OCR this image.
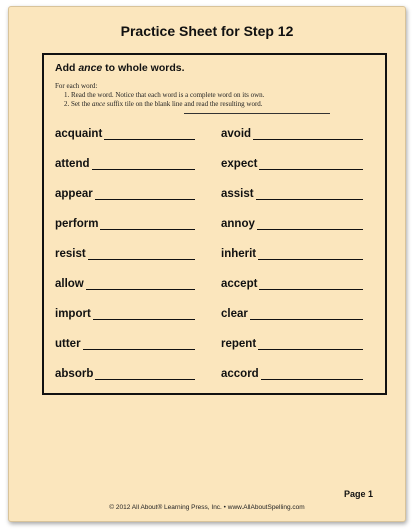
Practice Sheet for Step 12
Add ance to whole words.
For each word:
1. Read the word. Notice that each word is a complete word on its own.
2. Set the ance suffix tile on the blank line and read the resulting word.
acquaint	avoid
attend	expect
appear	assist
perform	annoy
resist	inherit
allow	accept
import	clear
utter	repent
absorb	accord
Page 1
© 2012 All About® Learning Press, Inc. • www.AllAboutSpelling.com
